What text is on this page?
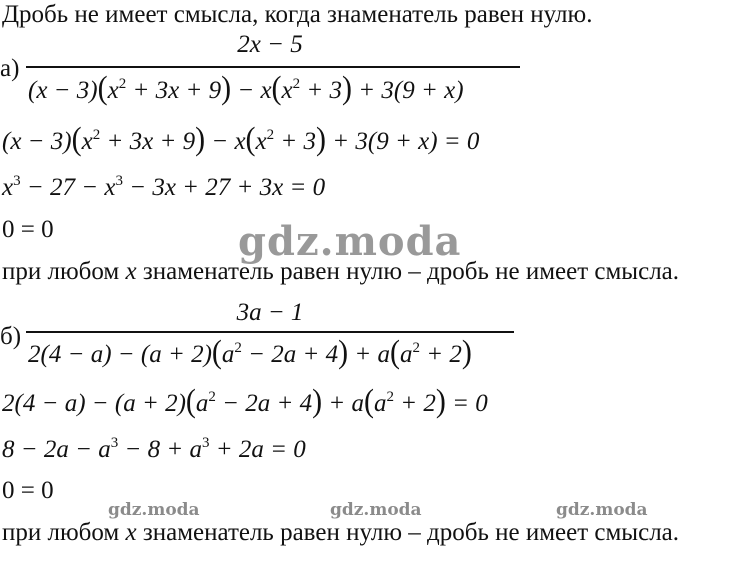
Дробь не имеет смысла, когда знаменатель равен нулю.
а)
2x − 5
$(x - 3)(x^2 + 3x + 9) - x(x^2 + 3) + 3(9 + x)$
$(x - 3)(x^2 + 3x + 9) - x(x^2 + 3) + 3(9 + x) = 0$
$x^3 - 27 - x^3 - 3x + 27 + 3x = 0$
0 = 0
при любом x знаменатель равен нулю – дробь не имеет смысла.
б)
3a − 1
$2(4 - a) - (a + 2)(a^2 - 2a + 4) + a(a^2 + 2)$
$2(4 - a) - (a + 2)(a^2 - 2a + 4) + a(a^2 + 2) = 0$
$8 - 2a - a^3 - 8 + a^3 + 2a = 0$
0 = 0
при любом x знаменатель равен нулю – дробь не имеет смысла.
gdz.moda
gdz.moda	gdz.moda	gdz.moda
